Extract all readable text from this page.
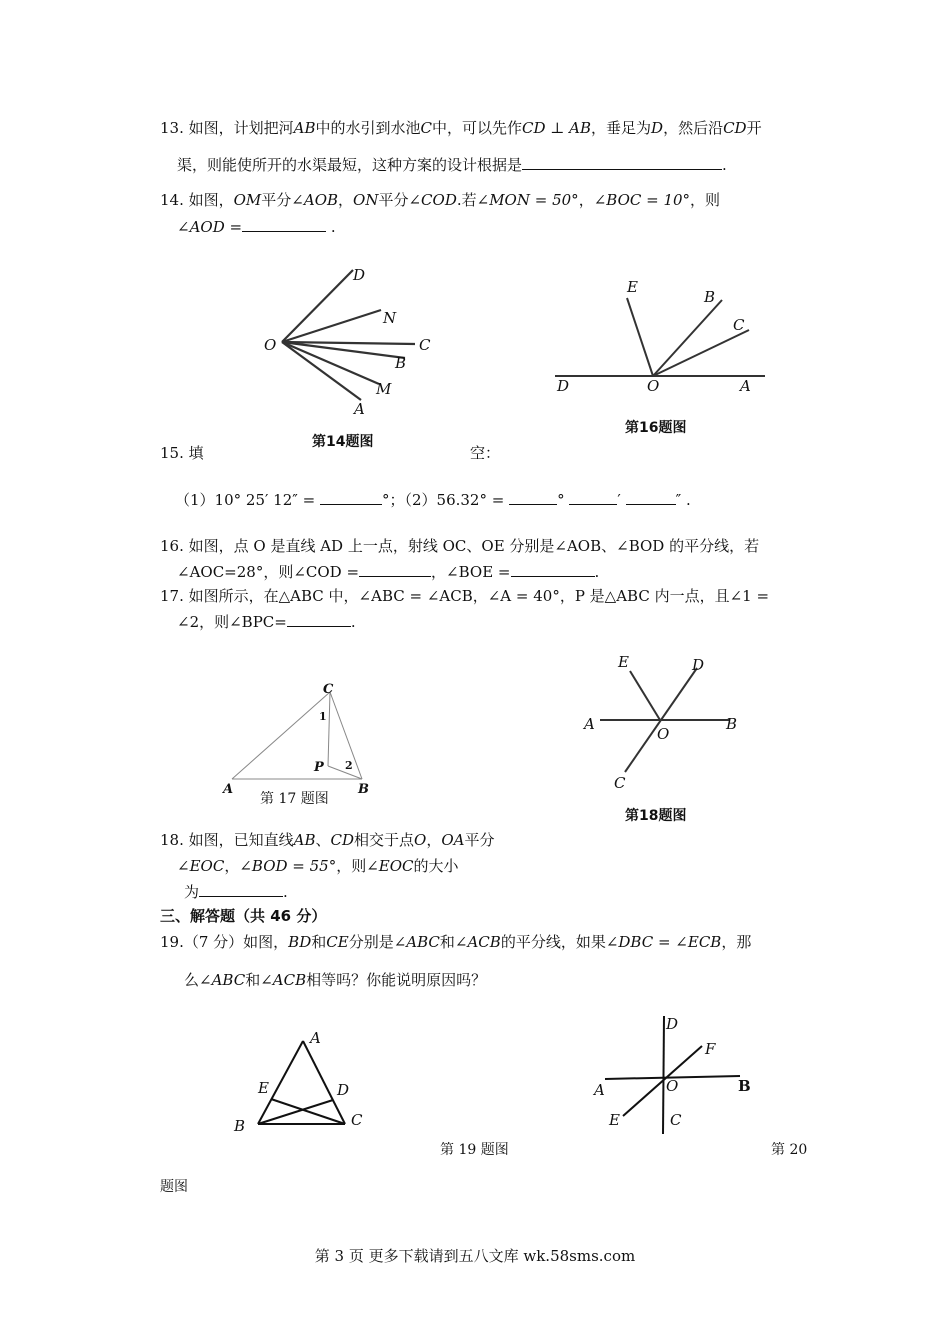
13. 如图，计划把河AB中的水引到水池C中，可以先作CD ⊥ AB，垂足为D，然后沿CD开
渠，则能使所开的水渠最短，这种方案的设计根据是	.
14. 如图，OM平分∠AOB，ON平分∠COD.若∠MON = 50°，∠BOC = 10°，则
∠AOD =	.
D
N
O	C
B
M
A
第14题图
E
B
C
D	O	A
第16题图
15. 填	空：
（1）10° 25′ 12″ =	°；（2）56.32° =	°	′	″ .
16. 如图，点 O 是直线 AD 上一点，射线 OC、OE 分别是∠AOB、∠BOD 的平分线，若
∠AOC=28°，则∠COD =	，∠BOE =	.
17. 如图所示，在△ABC 中，∠ABC = ∠ACB，∠A = 40°，P 是△ABC 内一点，且∠1 =
∠2，则∠BPC=	.
C
1
P 2
A	B
第 17 题图
E	D
A
O
B
C
第18题图
18. 如图，已知直线AB、CD相交于点O，OA平分
∠EOC，∠BOD = 55°，则∠EOC的大小
为	.
三、解答题（共 46 分）
19.（7 分）如图，BD和CE分别是∠ABC和∠ACB的平分线，如果∠DBC = ∠ECB，那
么∠ABC和∠ACB相等吗？你能说明原因吗？
A
E	D
B	C
第 19 题图
D
F
A	O	B
E	C
第 20
题图
第 3 页 更多下载请到五八文库 wk.58sms.com
